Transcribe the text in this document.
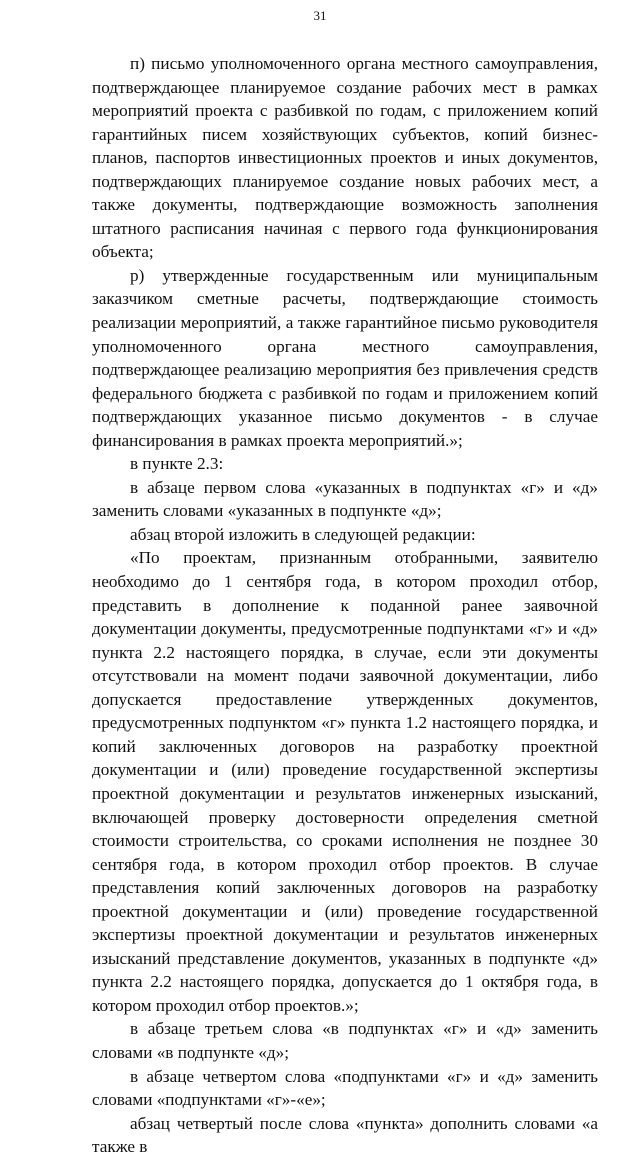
31

п) письмо уполномоченного органа местного самоуправления, подтверждающее планируемое создание рабочих мест в рамках мероприятий проекта с разбивкой по годам, с приложением копий гарантийных писем хозяйствующих субъектов, копий бизнес-планов, паспортов инвестиционных проектов и иных документов, подтверждающих планируемое создание новых рабочих мест, а также документы, подтверждающие возможность заполнения штатного расписания начиная с первого года функционирования объекта;

р) утвержденные государственным или муниципальным заказчиком сметные расчеты, подтверждающие стоимость реализации мероприятий, а также гарантийное письмо руководителя уполномоченного органа местного самоуправления, подтверждающее реализацию мероприятия без привлечения средств федерального бюджета с разбивкой по годам и приложением копий подтверждающих указанное письмо документов - в случае финансирования в рамках проекта мероприятий.»;

в пункте 2.3:

в абзаце первом слова «указанных в подпунктах «г» и «д» заменить словами «указанных в подпункте «д»;

абзац второй изложить в следующей редакции:

«По проектам, признанным отобранными, заявителю необходимо до 1 сентября года, в котором проходил отбор, представить в дополнение к поданной ранее заявочной документации документы, предусмотренные подпунктами «г» и «д» пункта 2.2 настоящего порядка, в случае, если эти документы отсутствовали на момент подачи заявочной документации, либо допускается предоставление утвержденных документов, предусмотренных подпунктом «г» пункта 1.2 настоящего порядка, и копий заключенных договоров на разработку проектной документации и (или) проведение государственной экспертизы проектной документации и результатов инженерных изысканий, включающей проверку достоверности определения сметной стоимости строительства, со сроками исполнения не позднее 30 сентября года, в котором проходил отбор проектов. В случае представления копий заключенных договоров на разработку проектной документации и (или) проведение государственной экспертизы проектной документации и результатов инженерных изысканий представление документов, указанных в подпункте «д» пункта 2.2 настоящего порядка, допускается до 1 октября года, в котором проходил отбор проектов.»;

в абзаце третьем слова «в подпунктах «г» и «д» заменить словами «в подпункте «д»;

в абзаце четвертом слова «подпунктами «г» и «д» заменить словами «подпунктами «г»-«е»;

абзац четвертый после слова «пункта» дополнить словами «а также в
